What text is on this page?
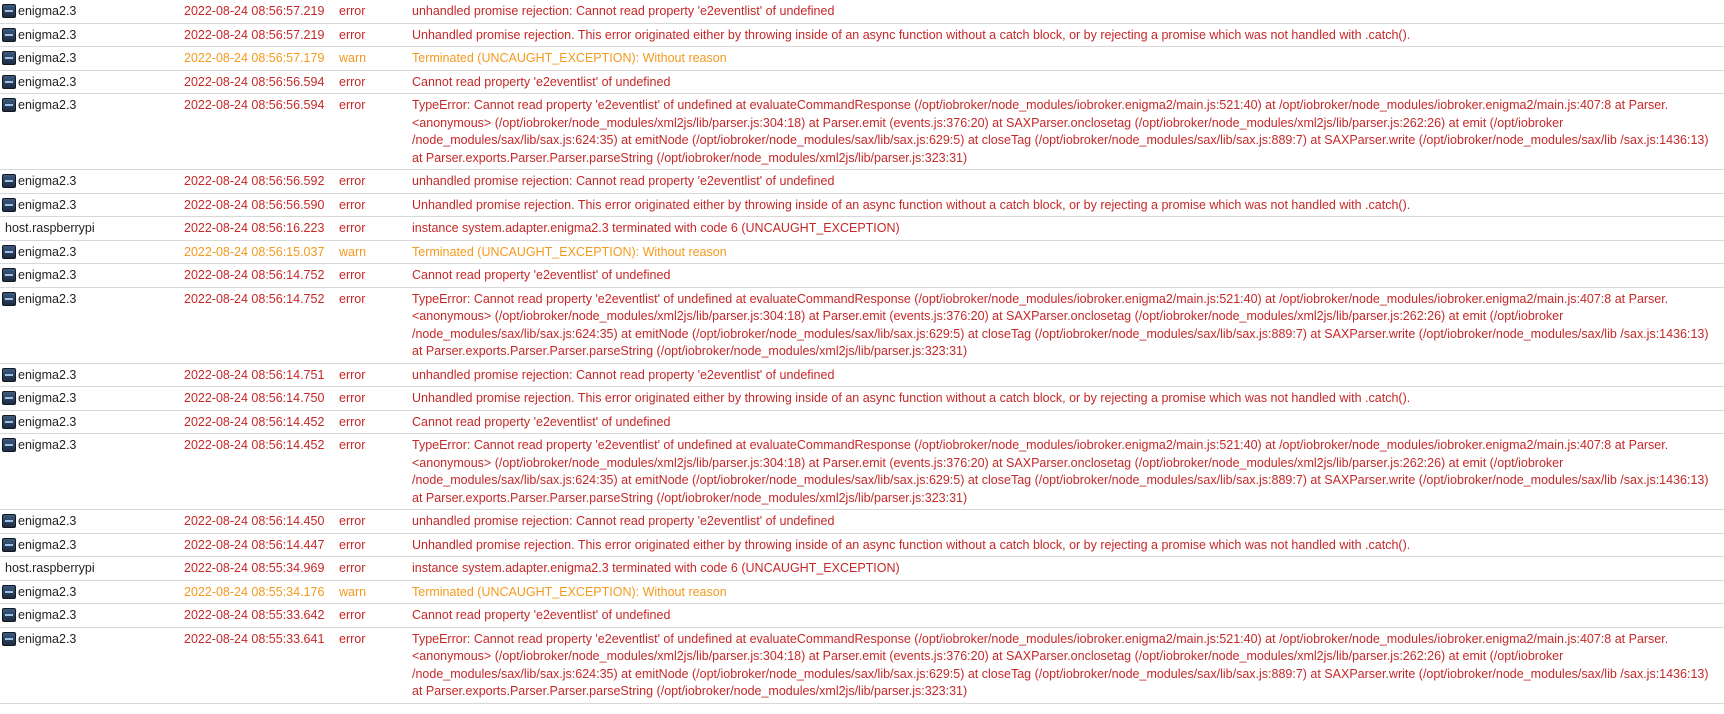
enigma2.3	2022-08-24 08:56:57.219	error	unhandled promise rejection: Cannot read property 'e2eventlist' of undefined
enigma2.3	2022-08-24 08:56:57.219	error	Unhandled promise rejection. This error originated either by throwing inside of an async function without a catch block, or by rejecting a promise which was not handled with .catch().
enigma2.3	2022-08-24 08:56:57.179	warn	Terminated (UNCAUGHT_EXCEPTION): Without reason
enigma2.3	2022-08-24 08:56:56.594	error	Cannot read property 'e2eventlist' of undefined
enigma2.3	2022-08-24 08:56:56.594	error	TypeError: Cannot read property 'e2eventlist' of undefined at evaluateCommandResponse (/opt/iobroker/node_modules/iobroker.enigma2/main.js:521:40) at /opt/iobroker/node_modules/iobroker.enigma2/main.js:407:8 at Parser.<anonymous> (/opt/iobroker/node_modules/xml2js/lib/parser.js:304:18) at Parser.emit (events.js:376:20) at SAXParser.onclosetag (/opt/iobroker/node_modules/xml2js/lib/parser.js:262:26) at emit (/opt/iobroker /node_modules/sax/lib/sax.js:624:35) at emitNode (/opt/iobroker/node_modules/sax/lib/sax.js:629:5) at closeTag (/opt/iobroker/node_modules/sax/lib/sax.js:889:7) at SAXParser.write (/opt/iobroker/node_modules/sax/lib /sax.js:1436:13) at Parser.exports.Parser.Parser.parseString (/opt/iobroker/node_modules/xml2js/lib/parser.js:323:31)
enigma2.3	2022-08-24 08:56:56.592	error	unhandled promise rejection: Cannot read property 'e2eventlist' of undefined
enigma2.3	2022-08-24 08:56:56.590	error	Unhandled promise rejection. This error originated either by throwing inside of an async function without a catch block, or by rejecting a promise which was not handled with .catch().
host.raspberrypi	2022-08-24 08:56:16.223	error	instance system.adapter.enigma2.3 terminated with code 6 (UNCAUGHT_EXCEPTION)
enigma2.3	2022-08-24 08:56:15.037	warn	Terminated (UNCAUGHT_EXCEPTION): Without reason
enigma2.3	2022-08-24 08:56:14.752	error	Cannot read property 'e2eventlist' of undefined
enigma2.3	2022-08-24 08:56:14.752	error	TypeError: Cannot read property 'e2eventlist' of undefined at evaluateCommandResponse (/opt/iobroker/node_modules/iobroker.enigma2/main.js:521:40) at /opt/iobroker/node_modules/iobroker.enigma2/main.js:407:8 at Parser.<anonymous> (/opt/iobroker/node_modules/xml2js/lib/parser.js:304:18) at Parser.emit (events.js:376:20) at SAXParser.onclosetag (/opt/iobroker/node_modules/xml2js/lib/parser.js:262:26) at emit (/opt/iobroker /node_modules/sax/lib/sax.js:624:35) at emitNode (/opt/iobroker/node_modules/sax/lib/sax.js:629:5) at closeTag (/opt/iobroker/node_modules/sax/lib/sax.js:889:7) at SAXParser.write (/opt/iobroker/node_modules/sax/lib /sax.js:1436:13) at Parser.exports.Parser.Parser.parseString (/opt/iobroker/node_modules/xml2js/lib/parser.js:323:31)
enigma2.3	2022-08-24 08:56:14.751	error	unhandled promise rejection: Cannot read property 'e2eventlist' of undefined
enigma2.3	2022-08-24 08:56:14.750	error	Unhandled promise rejection. This error originated either by throwing inside of an async function without a catch block, or by rejecting a promise which was not handled with .catch().
enigma2.3	2022-08-24 08:56:14.452	error	Cannot read property 'e2eventlist' of undefined
enigma2.3	2022-08-24 08:56:14.452	error	TypeError: Cannot read property 'e2eventlist' of undefined at evaluateCommandResponse (/opt/iobroker/node_modules/iobroker.enigma2/main.js:521:40) at /opt/iobroker/node_modules/iobroker.enigma2/main.js:407:8 at Parser.<anonymous> (/opt/iobroker/node_modules/xml2js/lib/parser.js:304:18) at Parser.emit (events.js:376:20) at SAXParser.onclosetag (/opt/iobroker/node_modules/xml2js/lib/parser.js:262:26) at emit (/opt/iobroker /node_modules/sax/lib/sax.js:624:35) at emitNode (/opt/iobroker/node_modules/sax/lib/sax.js:629:5) at closeTag (/opt/iobroker/node_modules/sax/lib/sax.js:889:7) at SAXParser.write (/opt/iobroker/node_modules/sax/lib /sax.js:1436:13) at Parser.exports.Parser.Parser.parseString (/opt/iobroker/node_modules/xml2js/lib/parser.js:323:31)
enigma2.3	2022-08-24 08:56:14.450	error	unhandled promise rejection: Cannot read property 'e2eventlist' of undefined
enigma2.3	2022-08-24 08:56:14.447	error	Unhandled promise rejection. This error originated either by throwing inside of an async function without a catch block, or by rejecting a promise which was not handled with .catch().
host.raspberrypi	2022-08-24 08:55:34.969	error	instance system.adapter.enigma2.3 terminated with code 6 (UNCAUGHT_EXCEPTION)
enigma2.3	2022-08-24 08:55:34.176	warn	Terminated (UNCAUGHT_EXCEPTION): Without reason
enigma2.3	2022-08-24 08:55:33.642	error	Cannot read property 'e2eventlist' of undefined
enigma2.3	2022-08-24 08:55:33.641	error	TypeError: Cannot read property 'e2eventlist' of undefined at evaluateCommandResponse (/opt/iobroker/node_modules/iobroker.enigma2/main.js:521:40) at /opt/iobroker/node_modules/iobroker.enigma2/main.js:407:8 at Parser.<anonymous> (/opt/iobroker/node_modules/xml2js/lib/parser.js:304:18) at Parser.emit (events.js:376:20) at SAXParser.onclosetag (/opt/iobroker/node_modules/xml2js/lib/parser.js:262:26) at emit (/opt/iobroker /node_modules/sax/lib/sax.js:624:35) at emitNode (/opt/iobroker/node_modules/sax/lib/sax.js:629:5) at closeTag (/opt/iobroker/node_modules/sax/lib/sax.js:889:7) at SAXParser.write (/opt/iobroker/node_modules/sax/lib /sax.js:1436:13) at Parser.exports.Parser.Parser.parseString (/opt/iobroker/node_modules/xml2js/lib/parser.js:323:31)
